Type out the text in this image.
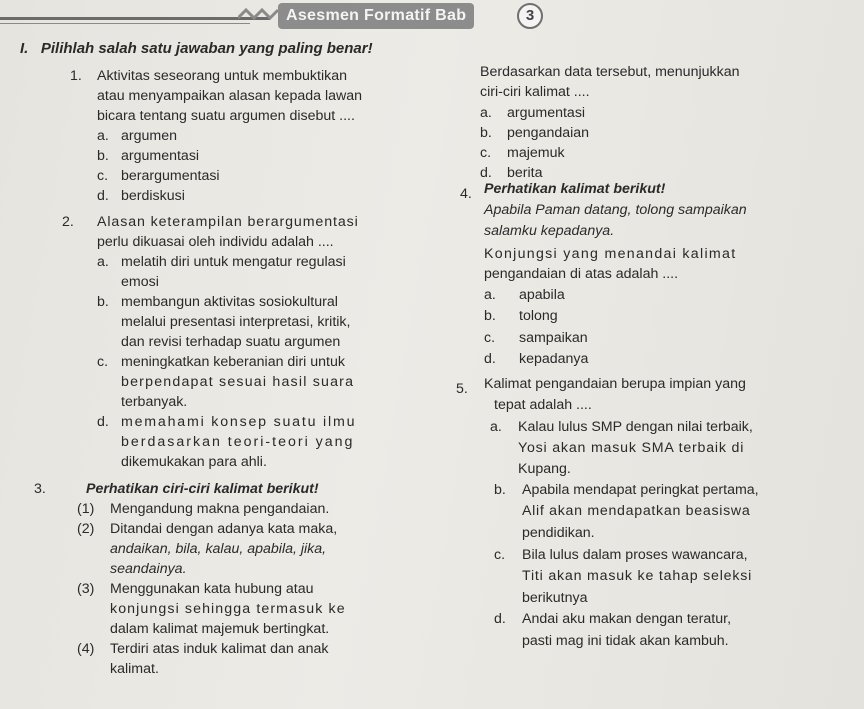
Asesmen Formatif Bab	3
I. Pilihlah salah satu jawaban yang paling benar!
1. Aktivitas seseorang untuk membuktikan
atau menyampaikan alasan kepada lawan
bicara tentang suatu argumen disebut ....
a. argumen
b. argumentasi
c. berargumentasi
d. berdiskusi
2. Alasan keterampilan berargumentasi
perlu dikuasai oleh individu adalah ....
a. melatih diri untuk mengatur regulasi
emosi
b. membangun aktivitas sosiokultural
melalui presentasi interpretasi, kritik,
dan revisi terhadap suatu argumen
c. meningkatkan keberanian diri untuk
berpendapat sesuai hasil suara
terbanyak.
d. memahami konsep suatu ilmu
berdasarkan teori-teori yang
dikemukakan para ahli.
3.	Perhatikan ciri-ciri kalimat berikut!
(1) Mengandung makna pengandaian.
(2) Ditandai dengan adanya kata maka,
andaikan, bila, kalau, apabila, jika,
seandainya.
(3) Menggunakan kata hubung atau
konjungsi sehingga termasuk ke
dalam kalimat majemuk bertingkat.
(4) Terdiri atas induk kalimat dan anak
kalimat.
Berdasarkan data tersebut, menunjukkan
ciri-ciri kalimat ....
a. argumentasi
b. pengandaian
c. majemuk
d. berita
4. Perhatikan kalimat berikut!
Apabila Paman datang, tolong sampaikan
salamku kepadanya.
Konjungsi yang menandai kalimat
pengandaian di atas adalah ....
a. apabila
b. tolong
c. sampaikan
d. kepadanya
5. Kalimat pengandaian berupa impian yang
tepat adalah ....
a. Kalau lulus SMP dengan nilai terbaik,
Yosi akan masuk SMA terbaik di
Kupang.
b. Apabila mendapat peringkat pertama,
Alif akan mendapatkan beasiswa
pendidikan.
c. Bila lulus dalam proses wawancara,
Titi akan masuk ke tahap seleksi
berikutnya
d. Andai aku makan dengan teratur,
pasti mag ini tidak akan kambuh.
